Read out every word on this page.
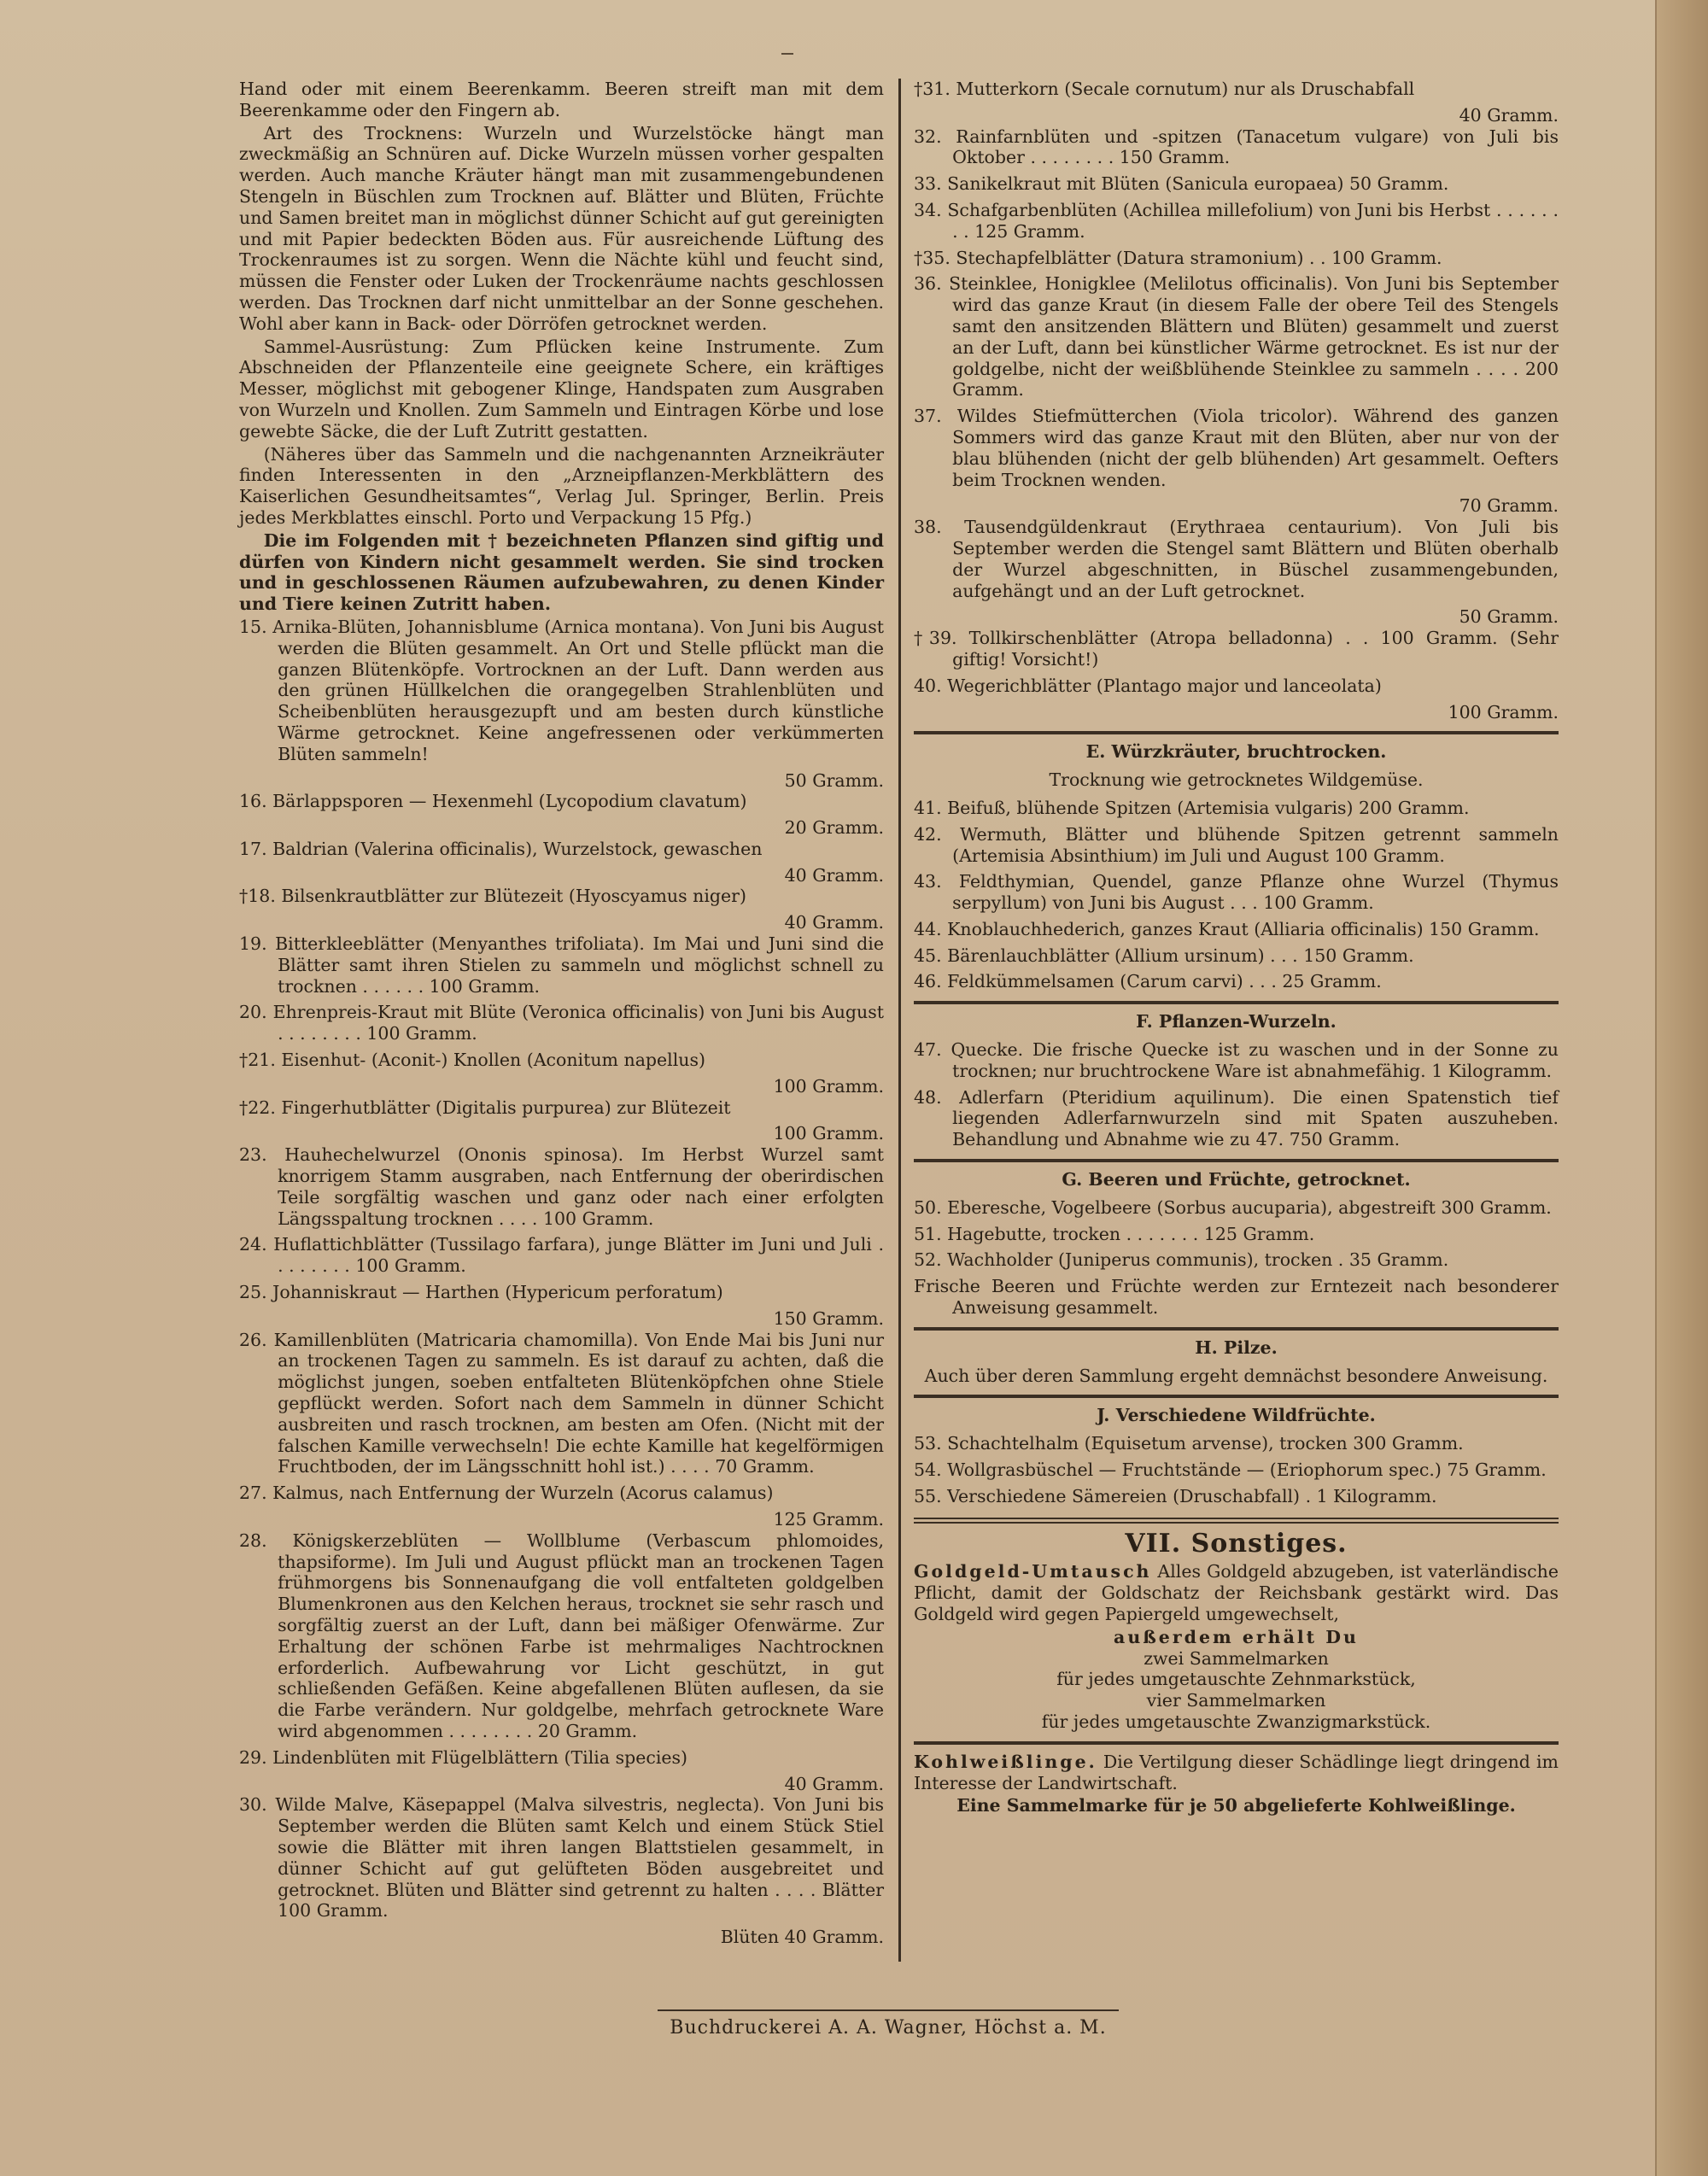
Hand oder mit einem Beerenkamm. Beeren streift man mit dem Beerenkamme oder den Fingern ab.

Art des Trocknens: Wurzeln und Wurzelstöcke hängt man zweckmäßig an Schnüren auf. Dicke Wurzeln müssen vorher gespalten werden. Auch manche Kräuter hängt man mit zusammengebundenen Stengeln in Büschlen zum Trocknen auf. Blätter und Blüten, Früchte und Samen breitet man in möglichst dünner Schicht auf gut gereinigten und mit Papier bedeckten Böden aus. Für ausreichende Lüftung des Trockenraumes ist zu sorgen. Wenn die Nächte kühl und feucht sind, müssen die Fenster oder Luken der Trockenräume nachts geschlossen werden. Das Trocknen darf nicht unmittelbar an der Sonne geschehen. Wohl aber kann in Back- oder Dörröfen getrocknet werden.

Sammel-Ausrüstung: Zum Pflücken keine Instrumente. Zum Abschneiden der Pflanzenteile eine geeignete Schere, ein kräftiges Messer, möglichst mit gebogener Klinge, Handspaten zum Ausgraben von Wurzeln und Knollen. Zum Sammeln und Eintragen Körbe und lose gewebte Säcke, die der Luft Zutritt gestatten.

(Näheres über das Sammeln und die nachgenannten Arzneikräuter finden Interessenten in den „Arzneipflanzen-Merkblättern des Kaiserlichen Gesundheitsamtes“, Verlag Jul. Springer, Berlin. Preis jedes Merkblattes einschl. Porto und Verpackung 15 Pfg.)

Die im Folgenden mit † bezeichneten Pflanzen sind giftig und dürfen von Kindern nicht gesammelt werden. Sie sind trocken und in geschlossenen Räumen aufzubewahren, zu denen Kinder und Tiere keinen Zutritt haben.

15. Arnika-Blüten, Johannisblume (Arnica montana). Von Juni bis August werden die Blüten gesammelt. An Ort und Stelle pflückt man die ganzen Blütenköpfe. Vortrocknen an der Luft. Dann werden aus den grünen Hüllkelchen die orangegelben Strahlenblüten und Scheibenblüten herausgezupft und am besten durch künstliche Wärme getrocknet. Keine angefressenen oder verkümmerten Blüten sammeln!
50 Gramm.
16. Bärlappsporen — Hexenmehl (Lycopodium clavatum)
20 Gramm.
17. Baldrian (Valerina officinalis), Wurzelstock, gewaschen
40 Gramm.
†18. Bilsenkrautblätter zur Blütezeit (Hyoscyamus niger)
40 Gramm.
19. Bitterkleeblätter (Menyanthes trifoliata). Im Mai und Juni sind die Blätter samt ihren Stielen zu sammeln und möglichst schnell zu trocknen . . . . . . 100 Gramm.
20. Ehrenpreis-Kraut mit Blüte (Veronica officinalis) von Juni bis August . . . . . . . . 100 Gramm.
†21. Eisenhut- (Aconit-) Knollen (Aconitum napellus)
100 Gramm.
†22. Fingerhutblätter (Digitalis purpurea) zur Blütezeit
100 Gramm.
23. Hauhechelwurzel (Ononis spinosa). Im Herbst Wurzel samt knorrigem Stamm ausgraben, nach Entfernung der oberirdischen Teile sorgfältig waschen und ganz oder nach einer erfolgten Längsspaltung trocknen . . . . 100 Gramm.
24. Huflattichblätter (Tussilago farfara), junge Blätter im Juni und Juli . . . . . . . . 100 Gramm.
25. Johanniskraut — Harthen (Hypericum perforatum)
150 Gramm.
26. Kamillenblüten (Matricaria chamomilla). Von Ende Mai bis Juni nur an trockenen Tagen zu sammeln. Es ist darauf zu achten, daß die möglichst jungen, soeben entfalteten Blütenköpfchen ohne Stiele gepflückt werden. Sofort nach dem Sammeln in dünner Schicht ausbreiten und rasch trocknen, am besten am Ofen. (Nicht mit der falschen Kamille verwechseln! Die echte Kamille hat kegelförmigen Fruchtboden, der im Längsschnitt hohl ist.) . . . . 70 Gramm.
27. Kalmus, nach Entfernung der Wurzeln (Acorus calamus)
125 Gramm.
28. Königskerzeblüten — Wollblume (Verbascum phlomoides, thapsiforme). Im Juli und August pflückt man an trockenen Tagen frühmorgens bis Sonnenaufgang die voll entfalteten goldgelben Blumenkronen aus den Kelchen heraus, trocknet sie sehr rasch und sorgfältig zuerst an der Luft, dann bei mäßiger Ofenwärme. Zur Erhaltung der schönen Farbe ist mehrmaliges Nachtrocknen erforderlich. Aufbewahrung vor Licht geschützt, in gut schließenden Gefäßen. Keine abgefallenen Blüten auflesen, da sie die Farbe verändern. Nur goldgelbe, mehrfach getrocknete Ware wird abgenommen . . . . . . . . 20 Gramm.
29. Lindenblüten mit Flügelblättern (Tilia species)
40 Gramm.
30. Wilde Malve, Käsepappel (Malva silvestris, neglecta). Von Juni bis September werden die Blüten samt Kelch und einem Stück Stiel sowie die Blätter mit ihren langen Blattstielen gesammelt, in dünner Schicht auf gut gelüfteten Böden ausgebreitet und getrocknet. Blüten und Blätter sind getrennt zu halten . . . . Blätter 100 Gramm.
Blüten 40 Gramm.
†31. Mutterkorn (Secale cornutum) nur als Druschabfall
40 Gramm.
32. Rainfarnblüten und -spitzen (Tanacetum vulgare) von Juli bis Oktober . . . . . . . . 150 Gramm.
33. Sanikelkraut mit Blüten (Sanicula europaea) 50 Gramm.
34. Schafgarbenblüten (Achillea millefolium) von Juni bis Herbst . . . . . . . . 125 Gramm.
†35. Stechapfelblätter (Datura stramonium) . . 100 Gramm.
36. Steinklee, Honigklee (Melilotus officinalis). Von Juni bis September wird das ganze Kraut (in diesem Falle der obere Teil des Stengels samt den ansitzenden Blättern und Blüten) gesammelt und zuerst an der Luft, dann bei künstlicher Wärme getrocknet. Es ist nur der goldgelbe, nicht der weißblühende Steinklee zu sammeln . . . . 200 Gramm.
37. Wildes Stiefmütterchen (Viola tricolor). Während des ganzen Sommers wird das ganze Kraut mit den Blüten, aber nur von der blau blühenden (nicht der gelb blühenden) Art gesammelt. Oefters beim Trocknen wenden.
70 Gramm.
38. Tausendgüldenkraut (Erythraea centaurium). Von Juli bis September werden die Stengel samt Blättern und Blüten oberhalb der Wurzel abgeschnitten, in Büschel zusammengebunden, aufgehängt und an der Luft getrocknet.
50 Gramm.
†39. Tollkirschenblätter (Atropa belladonna) . . 100 Gramm. (Sehr giftig! Vorsicht!)
40. Wegerichblätter (Plantago major und lanceolata)
100 Gramm.
E. Würzkräuter, bruchtrocken.
Trocknung wie getrocknetes Wildgemüse.
41. Beifuß, blühende Spitzen (Artemisia vulgaris) 200 Gramm.
42. Wermuth, Blätter und blühende Spitzen getrennt sammeln (Artemisia Absinthium) im Juli und August 100 Gramm.
43. Feldthymian, Quendel, ganze Pflanze ohne Wurzel (Thymus serpyllum) von Juni bis August . . . 100 Gramm.
44. Knoblauchhederich, ganzes Kraut (Alliaria officinalis) 150 Gramm.
45. Bärenlauchblätter (Allium ursinum) . . . 150 Gramm.
46. Feldkümmelsamen (Carum carvi) . . . 25 Gramm.
F. Pflanzen-Wurzeln.
47. Quecke. Die frische Quecke ist zu waschen und in der Sonne zu trocknen; nur bruchtrockene Ware ist abnahmefähig. 1 Kilogramm.
48. Adlerfarn (Pteridium aquilinum). Die einen Spatenstich tief liegenden Adlerfarnwurzeln sind mit Spaten auszuheben. Behandlung und Abnahme wie zu 47. 750 Gramm.
G. Beeren und Früchte, getrocknet.
50. Eberesche, Vogelbeere (Sorbus aucuparia), abgestreift 300 Gramm.
51. Hagebutte, trocken . . . . . . . 125 Gramm.
52. Wachholder (Juniperus communis), trocken . 35 Gramm.
Frische Beeren und Früchte werden zur Erntezeit nach besonderer Anweisung gesammelt.
H. Pilze.
Auch über deren Sammlung ergeht demnächst besondere Anweisung.
J. Verschiedene Wildfrüchte.
53. Schachtelhalm (Equisetum arvense), trocken 300 Gramm.
54. Wollgrasbüschel — Fruchtstände — (Eriophorum spec.) 75 Gramm.
55. Verschiedene Sämereien (Druschabfall) . 1 Kilogramm.
VII. Sonstiges.

Goldgeld-Umtausch Alles Goldgeld abzugeben, ist vaterländische Pflicht, damit der Goldschatz der Reichsbank gestärkt wird. Das Goldgeld wird gegen Papiergeld umgewechselt,

außerdem erhält Du
zwei Sammelmarken
für jedes umgetauschte Zehnmarkstück,
vier Sammelmarken
für jedes umgetauschte Zwanzigmarkstück.

Kohlweißlinge. Die Vertilgung dieser Schädlinge liegt dringend im Interesse der Landwirtschaft.

Eine Sammelmarke für je 50 abgelieferte Kohlweißlinge.
Buchdruckerei A. A. Wagner, Höchst a. M.
